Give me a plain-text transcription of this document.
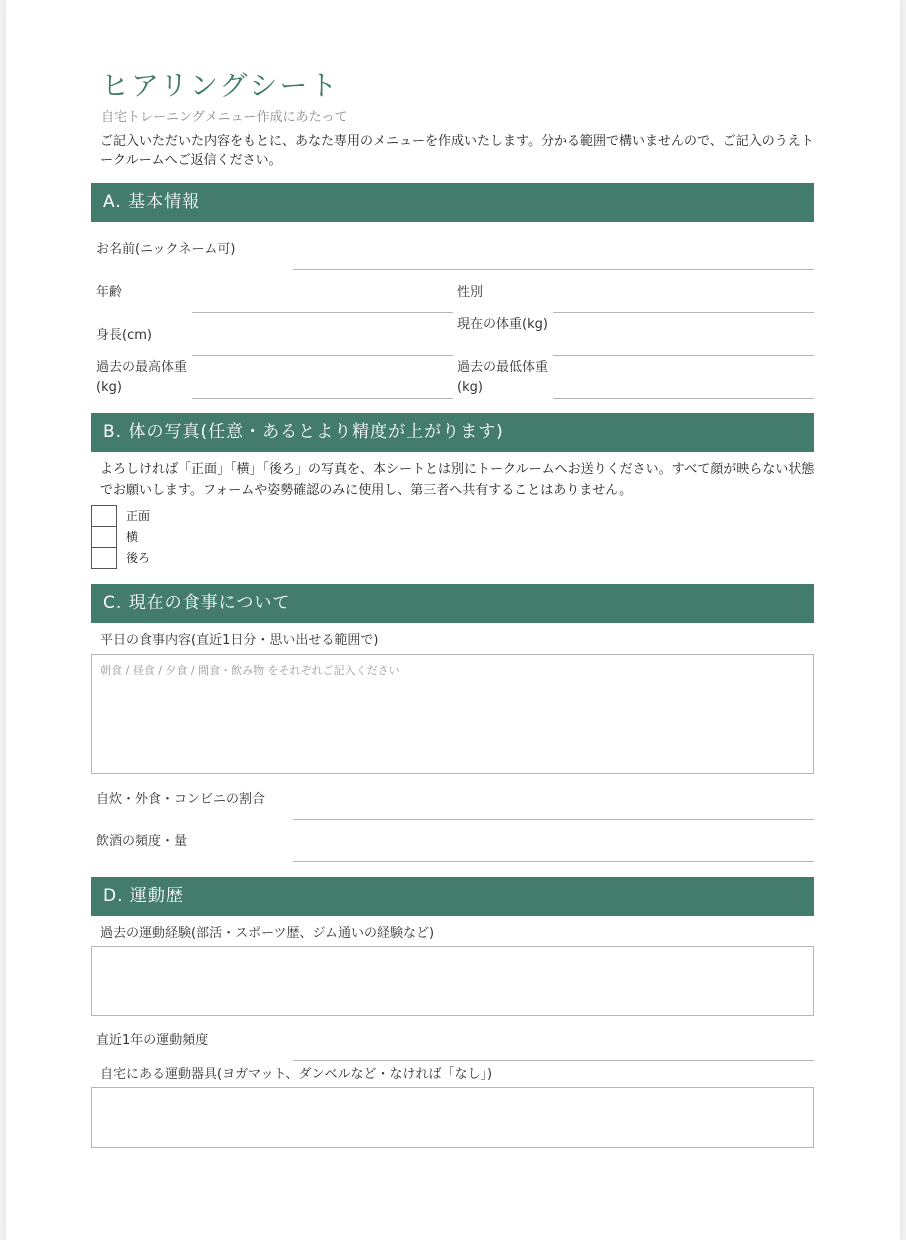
ヒアリングシート
自宅トレーニングメニュー作成にあたって
ご記入いただいた内容をもとに、あなた専用のメニューを作成いたします。分かる範囲で構いませんので、ご記入のうえトークルームへご返信ください。
A. 基本情報
お名前(ニックネーム可)
年齢	性別
身長(cm)
現在の体重(kg)
過去の最高体重(kg)
過去の最低体重(kg)
B. 体の写真(任意・あるとより精度が上がります)
よろしければ「正面」「横」「後ろ」の写真を、本シートとは別にトークルームへお送りください。すべて顔が映らない状態でお願いします。フォームや姿勢確認のみに使用し、第三者へ共有することはありません。
正面
横
後ろ
C. 現在の食事について
平日の食事内容(直近1日分・思い出せる範囲で)
朝食 / 昼食 / 夕食 / 間食・飲み物 をそれぞれご記入ください
自炊・外食・コンビニの割合
飲酒の頻度・量
D. 運動歴
過去の運動経験(部活・スポーツ歴、ジム通いの経験など)
直近1年の運動頻度
自宅にある運動器具(ヨガマット、ダンベルなど・なければ「なし」)
